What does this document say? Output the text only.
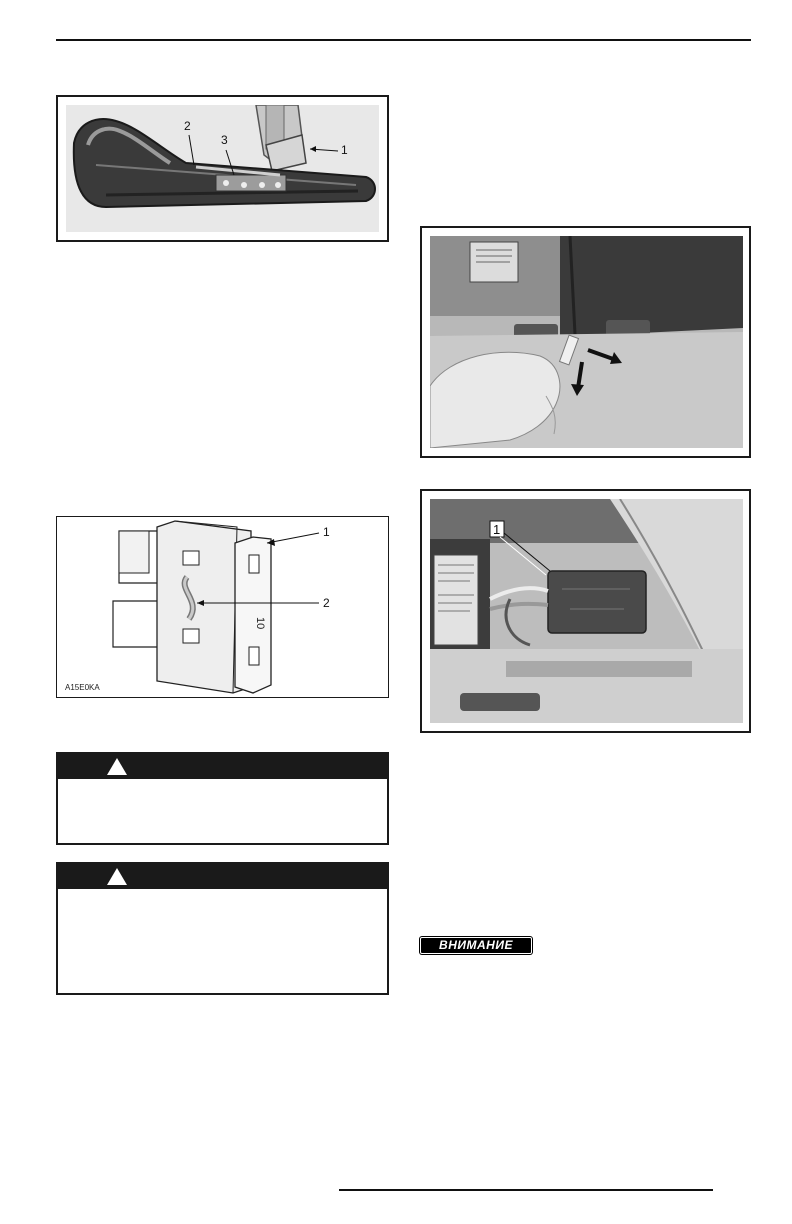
2
3
1
10
1
2
A15E0KA
1
ВНИМАНИЕ
